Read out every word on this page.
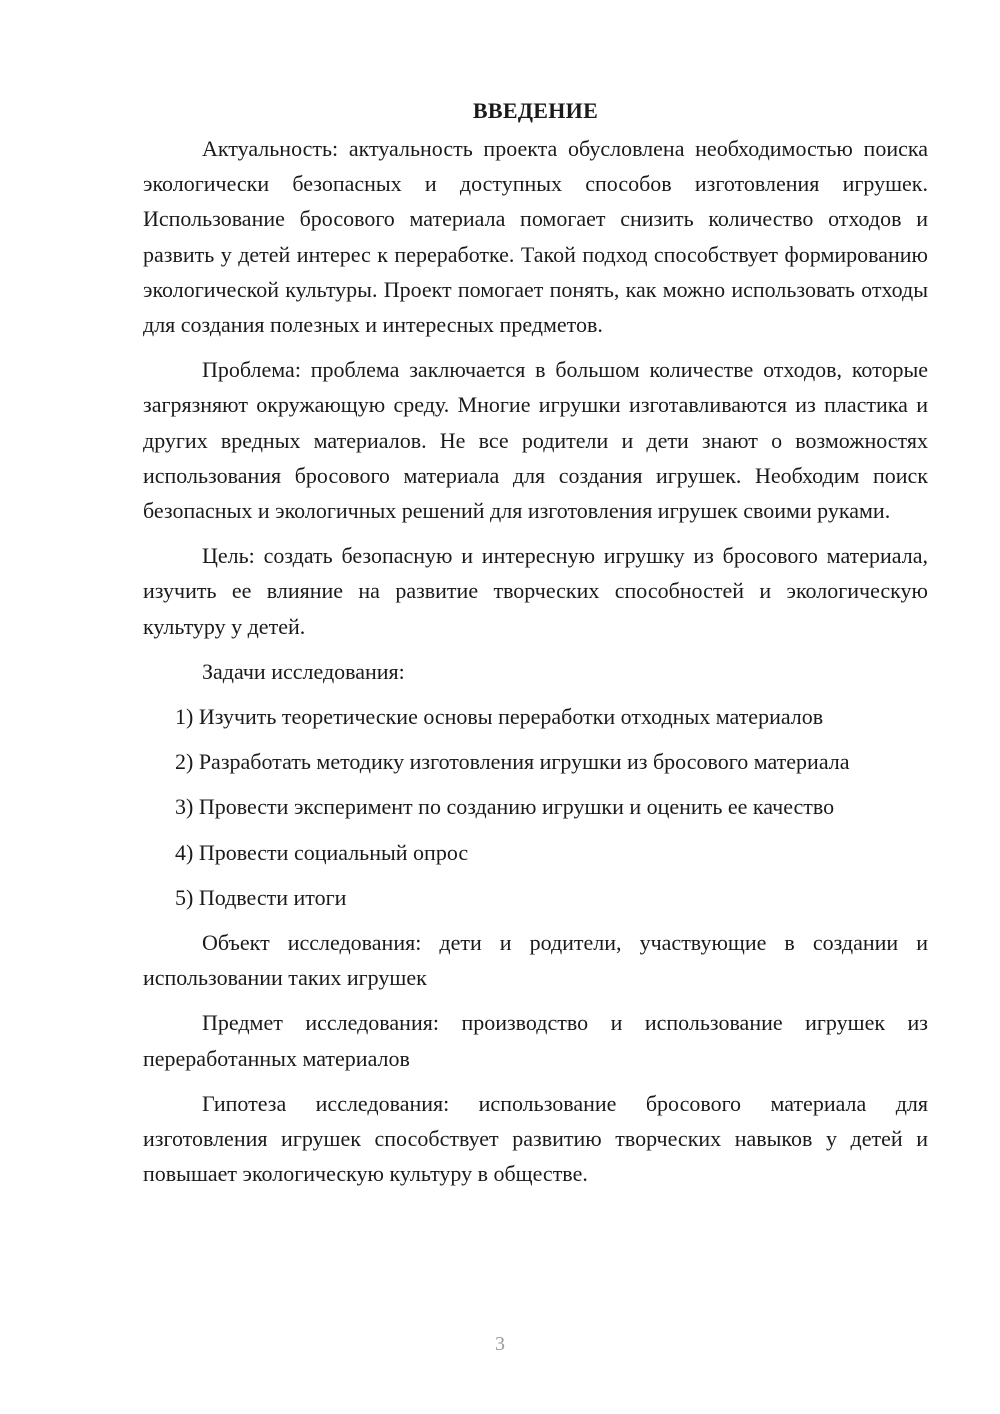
ВВЕДЕНИЕ

Актуальность: актуальность проекта обусловлена необходимостью поиска экологически безопасных и доступных способов изготовления игрушек. Использование бросового материала помогает снизить количество отходов и развить у детей интерес к переработке. Такой подход способствует формированию экологической культуры. Проект помогает понять, как можно использовать отходы для создания полезных и интересных предметов.

Проблема: проблема заключается в большом количестве отходов, которые загрязняют окружающую среду. Многие игрушки изготавливаются из пластика и других вредных материалов. Не все родители и дети знают о возможностях использования бросового материала для создания игрушек. Необходим поиск безопасных и экологичных решений для изготовления игрушек своими руками.

Цель: создать безопасную и интересную игрушку из бросового материала, изучить ее влияние на развитие творческих способностей и экологическую культуру у детей.

Задачи исследования:

1) Изучить теоретические основы переработки отходных материалов

2) Разработать методику изготовления игрушки из бросового материала

3) Провести эксперимент по созданию игрушки и оценить ее качество

4) Провести социальный опрос

5) Подвести итоги

Объект исследования: дети и родители, участвующие в создании и использовании таких игрушек

Предмет исследования: производство и использование игрушек из переработанных материалов

Гипотеза исследования: использование бросового материала для изготовления игрушек способствует развитию творческих навыков у детей и повышает экологическую культуру в обществе.

3
